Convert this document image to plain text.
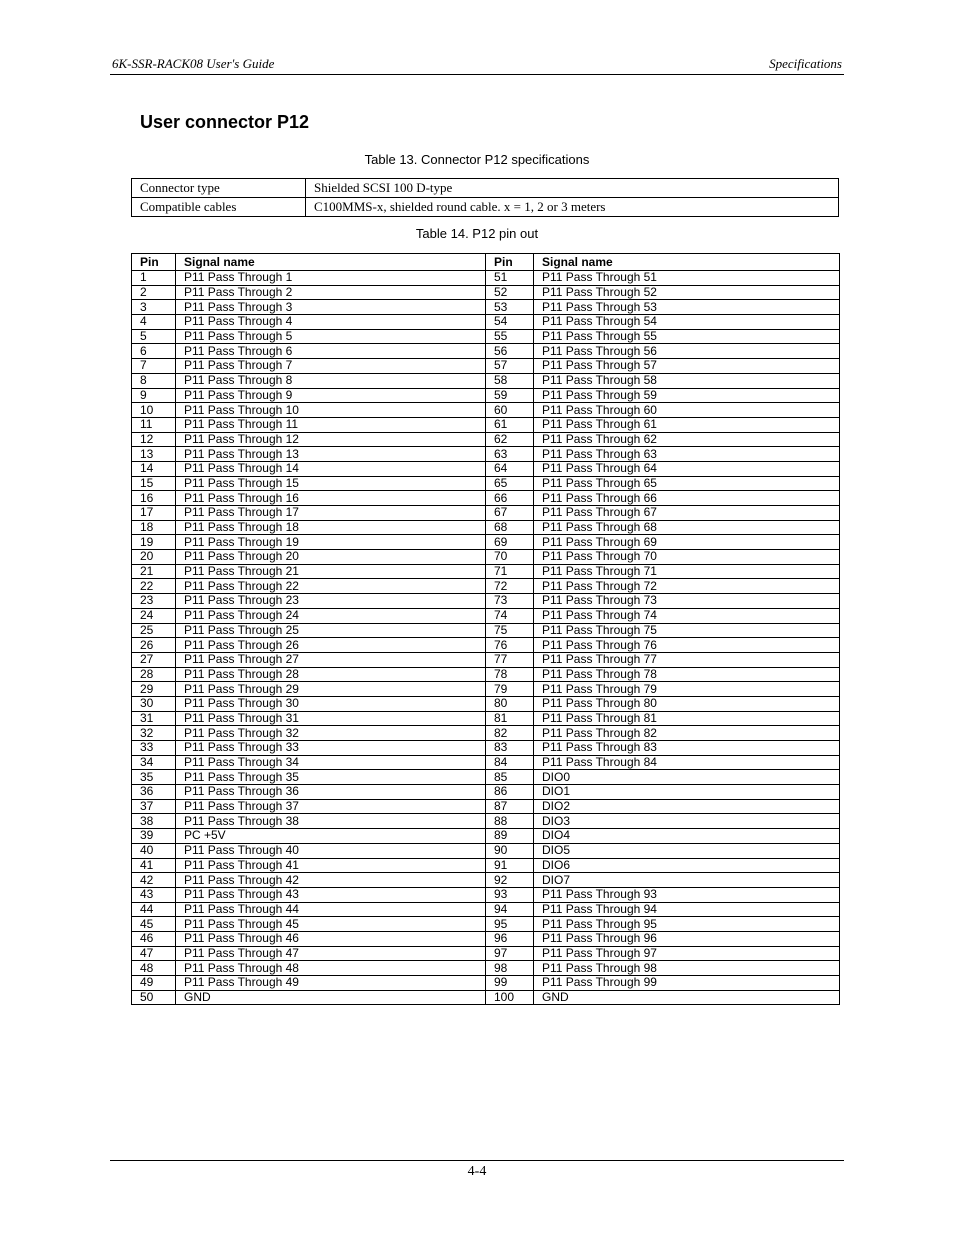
6K-SSR-RACK08 User's Guide	Specifications
User connector P12
Table 13. Connector P12 specifications
Connector type	Shielded SCSI 100 D-type
Compatible cables	C100MMS-x, shielded round cable. x = 1, 2 or 3 meters
Table 14. P12 pin out
Pin	Signal name	Pin	Signal name
1	P11 Pass Through 1	51	P11 Pass Through 51
2	P11 Pass Through 2	52	P11 Pass Through 52
3	P11 Pass Through 3	53	P11 Pass Through 53
4	P11 Pass Through 4	54	P11 Pass Through 54
5	P11 Pass Through 5	55	P11 Pass Through 55
6	P11 Pass Through 6	56	P11 Pass Through 56
7	P11 Pass Through 7	57	P11 Pass Through 57
8	P11 Pass Through 8	58	P11 Pass Through 58
9	P11 Pass Through 9	59	P11 Pass Through 59
10	P11 Pass Through 10	60	P11 Pass Through 60
11	P11 Pass Through 11	61	P11 Pass Through 61
12	P11 Pass Through 12	62	P11 Pass Through 62
13	P11 Pass Through 13	63	P11 Pass Through 63
14	P11 Pass Through 14	64	P11 Pass Through 64
15	P11 Pass Through 15	65	P11 Pass Through 65
16	P11 Pass Through 16	66	P11 Pass Through 66
17	P11 Pass Through 17	67	P11 Pass Through 67
18	P11 Pass Through 18	68	P11 Pass Through 68
19	P11 Pass Through 19	69	P11 Pass Through 69
20	P11 Pass Through 20	70	P11 Pass Through 70
21	P11 Pass Through 21	71	P11 Pass Through 71
22	P11 Pass Through 22	72	P11 Pass Through 72
23	P11 Pass Through 23	73	P11 Pass Through 73
24	P11 Pass Through 24	74	P11 Pass Through 74
25	P11 Pass Through 25	75	P11 Pass Through 75
26	P11 Pass Through 26	76	P11 Pass Through 76
27	P11 Pass Through 27	77	P11 Pass Through 77
28	P11 Pass Through 28	78	P11 Pass Through 78
29	P11 Pass Through 29	79	P11 Pass Through 79
30	P11 Pass Through 30	80	P11 Pass Through 80
31	P11 Pass Through 31	81	P11 Pass Through 81
32	P11 Pass Through 32	82	P11 Pass Through 82
33	P11 Pass Through 33	83	P11 Pass Through 83
34	P11 Pass Through 34	84	P11 Pass Through 84
35	P11 Pass Through 35	85	DIO0
36	P11 Pass Through 36	86	DIO1
37	P11 Pass Through 37	87	DIO2
38	P11 Pass Through 38	88	DIO3
39	PC +5V	89	DIO4
40	P11 Pass Through 40	90	DIO5
41	P11 Pass Through 41	91	DIO6
42	P11 Pass Through 42	92	DIO7
43	P11 Pass Through 43	93	P11 Pass Through 93
44	P11 Pass Through 44	94	P11 Pass Through 94
45	P11 Pass Through 45	95	P11 Pass Through 95
46	P11 Pass Through 46	96	P11 Pass Through 96
47	P11 Pass Through 47	97	P11 Pass Through 97
48	P11 Pass Through 48	98	P11 Pass Through 98
49	P11 Pass Through 49	99	P11 Pass Through 99
50	GND	100	GND
4-4
